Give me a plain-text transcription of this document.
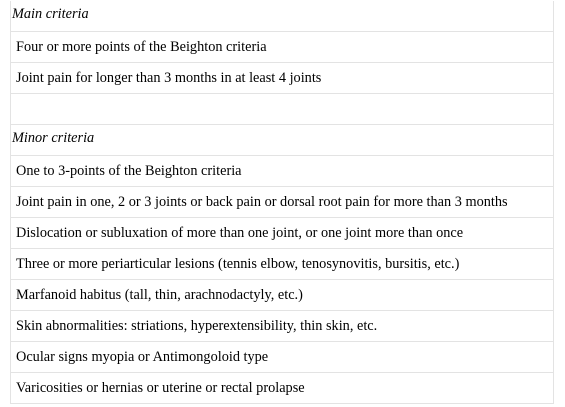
Main criteria
Four or more points of the Beighton criteria
Joint pain for longer than 3 months in at least 4 joints

Minor criteria
One to 3-points of the Beighton criteria
Joint pain in one, 2 or 3 joints or back pain or dorsal root pain for more than 3 months
Dislocation or subluxation of more than one joint, or one joint more than once
Three or more periarticular lesions (tennis elbow, tenosynovitis, bursitis, etc.)
Marfanoid habitus (tall, thin, arachnodactyly, etc.)
Skin abnormalities: striations, hyperextensibility, thin skin, etc.
Ocular signs myopia or Antimongoloid type
Varicosities or hernias or uterine or rectal prolapse
